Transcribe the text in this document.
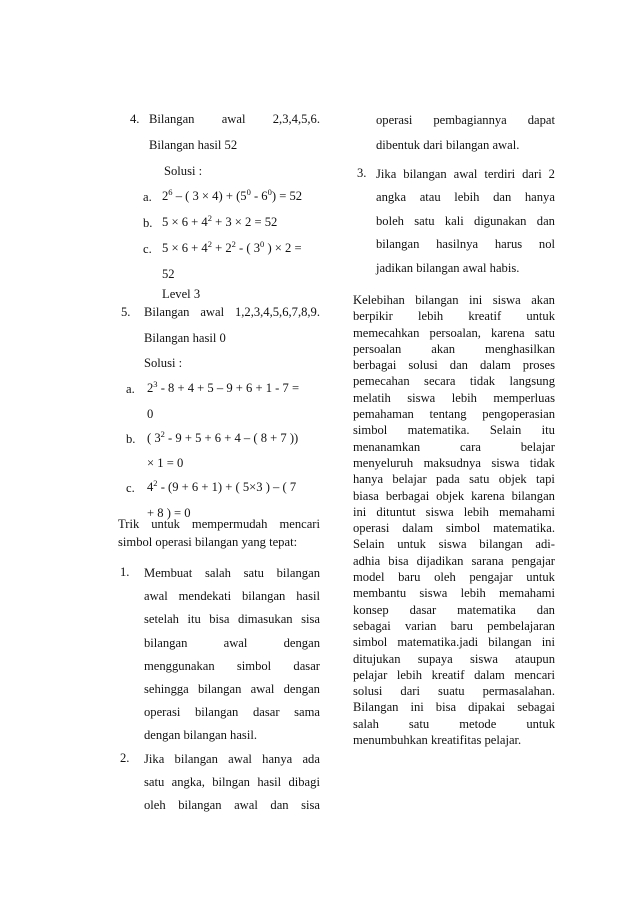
4. Bilangan awal 2,3,4,5,6.
Bilangan hasil 52
Solusi :
a. $2^6$ – ( $3 \times 4) + (5^0 - 6^0) = 52$
b. $5 \times 6 + 4^2 + 3 \times 2 = 52$
c. $5 \times 6 + 4^2 + 2^2$ - ( $3^0$ ) × 2 =
52
Level 3
5. Bilangan awal 1,2,3,4,5,6,7,8,9.
Bilangan hasil 0
Solusi :
a. $2^3 - 8 + 4 + 5 - 9 + 6 + 1 - 7$ =
0
b. ( $3^2 - 9 + 5 + 6 + 4$ – ( 8 + 7 ))
× 1 = 0
c. $4^2 - (9 + 6 + 1)$ + ( 5×3 ) – ( 7
+ 8 ) = 0
Trik untuk mempermudah mencari
simbol operasi bilangan yang tepat:
1. Membuat salah satu bilangan
awal mendekati bilangan hasil
setelah itu bisa dimasukan sisa
bilangan	awal	dengan
menggunakan simbol dasar
sehingga bilangan awal dengan
operasi bilangan dasar sama
dengan bilangan hasil.
2. Jika bilangan awal hanya ada
satu angka, bilngan hasil dibagi
oleh bilangan awal dan sisa
operasi pembagiannya dapat
dibentuk dari bilangan awal.
3. Jika bilangan awal terdiri dari 2
angka atau lebih dan hanya
boleh satu kali digunakan dan
bilangan hasilnya harus nol
jadikan bilangan awal habis.
Kelebihan bilangan ini siswa akan
berpikir lebih kreatif untuk
memecahkan persoalan, karena satu
persoalan akan menghasilkan
berbagai solusi dan dalam proses
pemecahan secara tidak langsung
melatih siswa lebih memperluas
pemahaman tentang pengoperasian
simbol matematika. Selain itu
menanamkan	cara	belajar
menyeluruh maksudnya siswa tidak
hanya belajar pada satu objek tapi
biasa berbagai objek karena bilangan
ini dituntut siswa lebih memahami
operasi dalam simbol matematika.
Selain untuk siswa bilangan adi-
adhia bisa dijadikan sarana pengajar
model baru oleh pengajar untuk
membantu siswa lebih memahami
konsep dasar matematika dan
sebagai varian baru pembelajaran
simbol matematika.jadi bilangan ini
ditujukan supaya siswa ataupun
pelajar lebih kreatif dalam mencari
solusi dari suatu permasalahan.
Bilangan ini bisa dipakai sebagai
salah satu metode untuk
menumbuhkan kreatifitas pelajar.
